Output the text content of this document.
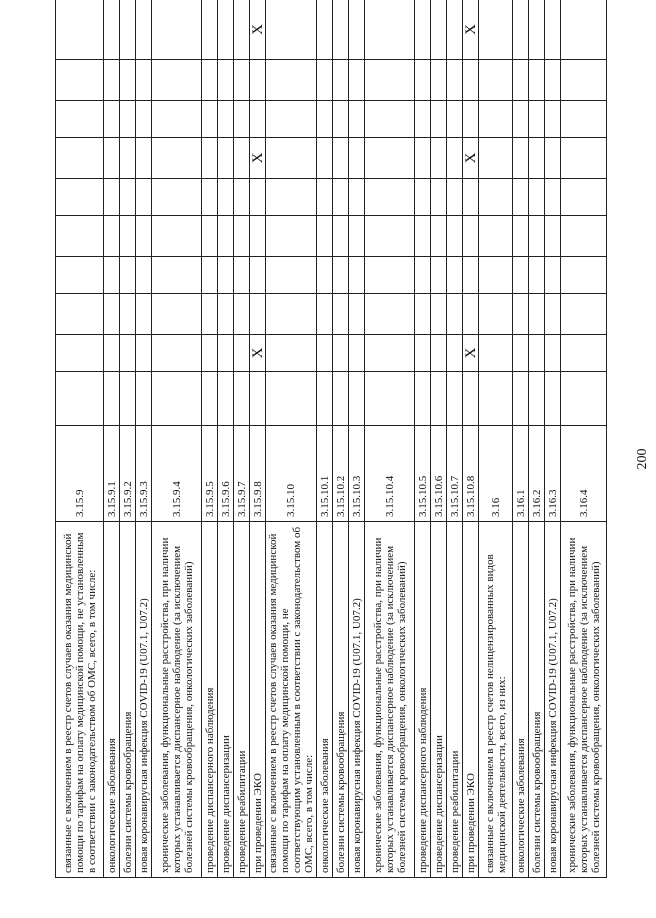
200
связанные с включением в реестр счетов случаев оказания медицинской помощи по тарифам на оплату медицинской помощи, не установленным в соответствии с законодательством об ОМС, всего, в том числе:	3.15.9										
онкологические заболевания	3.15.9.1										
болезни системы кровообращения	3.15.9.2										
новая коронавирусная инфекция COVID-19 (U07.1, U07.2)	3.15.9.3										
хронические заболевания, функциональные расстройства, при наличии которых устанавливается диспансерное наблюдение (за исключением болезней системы кровообращения, онкологических заболеваний)	3.15.9.4										
проведение диспансерного наблюдения	3.15.9.5										
проведение диспансеризации	3.15.9.6										
проведение реабилитации	3.15.9.7										
при проведении ЭКО	3.15.9.8		X					X			X
связанные с включением в реестр счетов случаев оказания медицинской помощи по тарифам на оплату медицинской помощи, не соответствующим установленным в соответствии с законодательством об ОМС, всего, в том числе:	3.15.10										
онкологические заболевания	3.15.10.1										
болезни системы кровообращения	3.15.10.2										
новая коронавирусная инфекция COVID-19 (U07.1, U07.2)	3.15.10.3										
хронические заболевания, функциональные расстройства, при наличии которых устанавливается диспансерное наблюдение (за исключением болезней системы кровообращения, онкологических заболеваний)	3.15.10.4										
проведение диспансерного наблюдения	3.15.10.5										
проведение диспансеризации	3.15.10.6										
проведение реабилитации	3.15.10.7										
при проведении ЭКО	3.15.10.8		X					X			X
связанные с включением в реестр счетов нелицензированных видов медицинской деятельности, всего, из них:	3.16										
онкологические заболевания	3.16.1										
болезни системы кровообращения	3.16.2										
новая коронавирусная инфекция COVID-19 (U07.1, U07.2)	3.16.3										
хронические заболевания, функциональные расстройства, при наличии которых устанавливается диспансерное наблюдение (за исключением болезней системы кровообращения, онкологических заболеваний)	3.16.4										
